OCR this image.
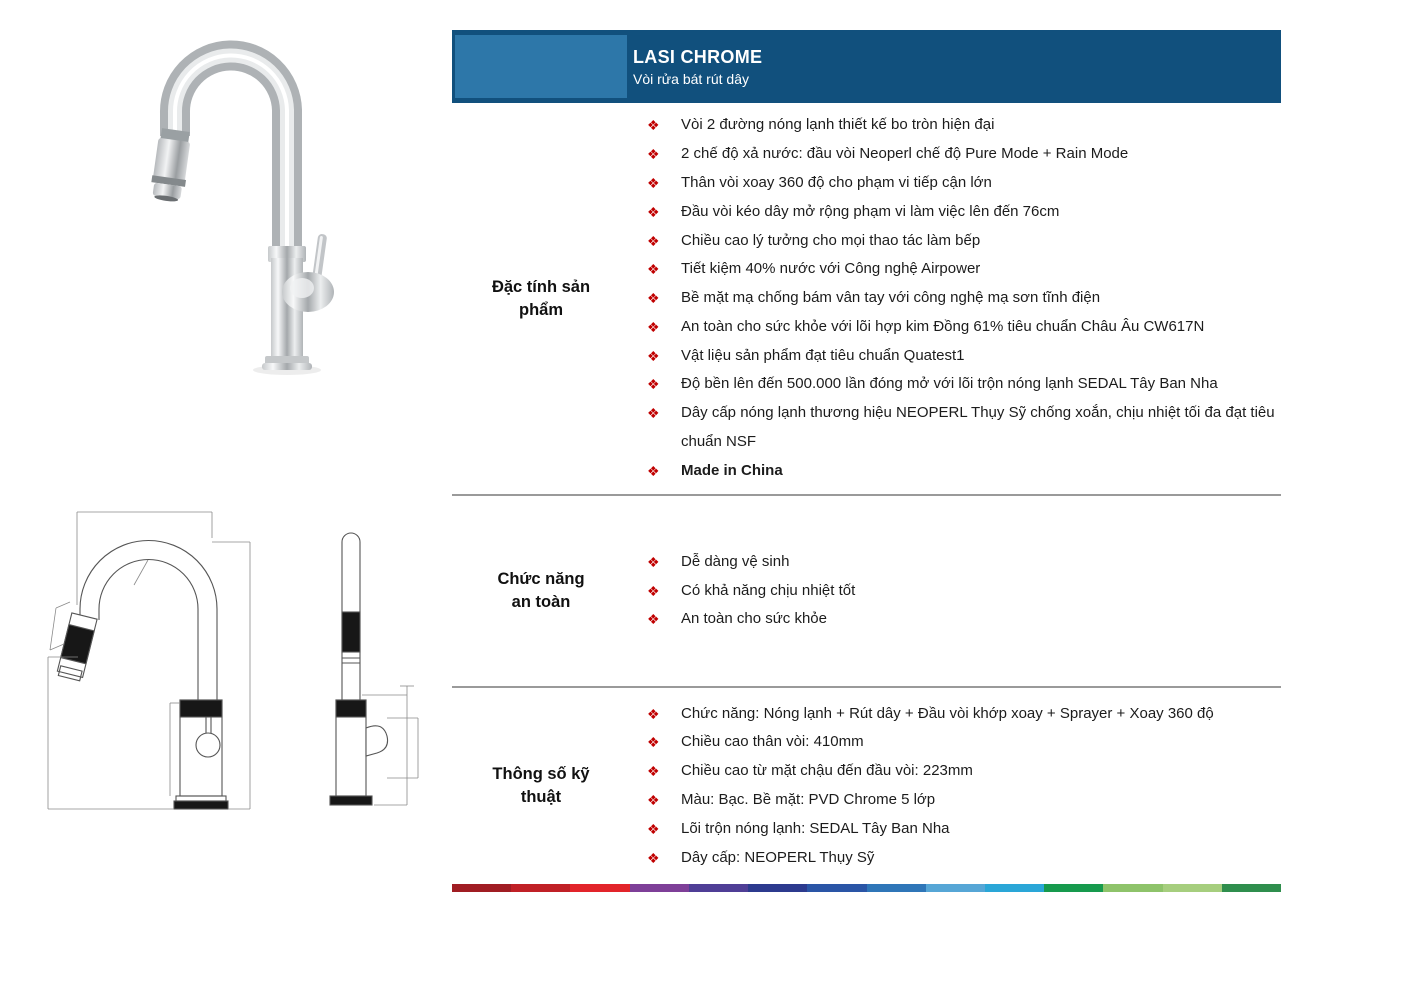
LASI CHROME
Vòi rửa bát rút dây
Đặc tính sản phẩm
❖ Vòi 2 đường nóng lạnh thiết kế bo tròn hiện đại
❖ 2 chế độ xả nước: đầu vòi Neoperl chế độ Pure Mode + Rain Mode
❖ Thân vòi xoay 360 độ cho phạm vi tiếp cận lớn
❖ Đầu vòi kéo dây mở rộng phạm vi làm việc lên đến 76cm
❖ Chiều cao lý tưởng cho mọi thao tác làm bếp
❖ Tiết kiệm 40% nước với Công nghệ Airpower
❖ Bề mặt mạ chống bám vân tay với công nghệ mạ sơn tĩnh điện
❖ An toàn cho sức khỏe với lõi hợp kim Đồng 61% tiêu chuẩn Châu Âu CW617N
❖ Vật liệu sản phẩm đạt tiêu chuẩn Quatest1
❖ Độ bền lên đến 500.000 lần đóng mở với lõi trộn nóng lạnh SEDAL Tây Ban Nha
❖ Dây cấp nóng lạnh thương hiệu NEOPERL Thụy Sỹ chống xoắn, chịu nhiệt tối đa đạt tiêu chuẩn NSF
❖ Made in China
Chức năng an toàn
❖ Dễ dàng vệ sinh
❖ Có khả năng chịu nhiệt tốt
❖ An toàn cho sức khỏe
Thông số kỹ thuật
❖ Chức năng: Nóng lạnh + Rút dây + Đầu vòi khớp xoay + Sprayer + Xoay 360 độ
❖ Chiều cao thân vòi: 410mm
❖ Chiều cao từ mặt chậu đến đầu vòi: 223mm
❖ Màu: Bạc. Bề mặt: PVD Chrome 5 lớp
❖ Lõi trộn nóng lạnh: SEDAL Tây Ban Nha
❖ Dây cấp: NEOPERL Thụy Sỹ
